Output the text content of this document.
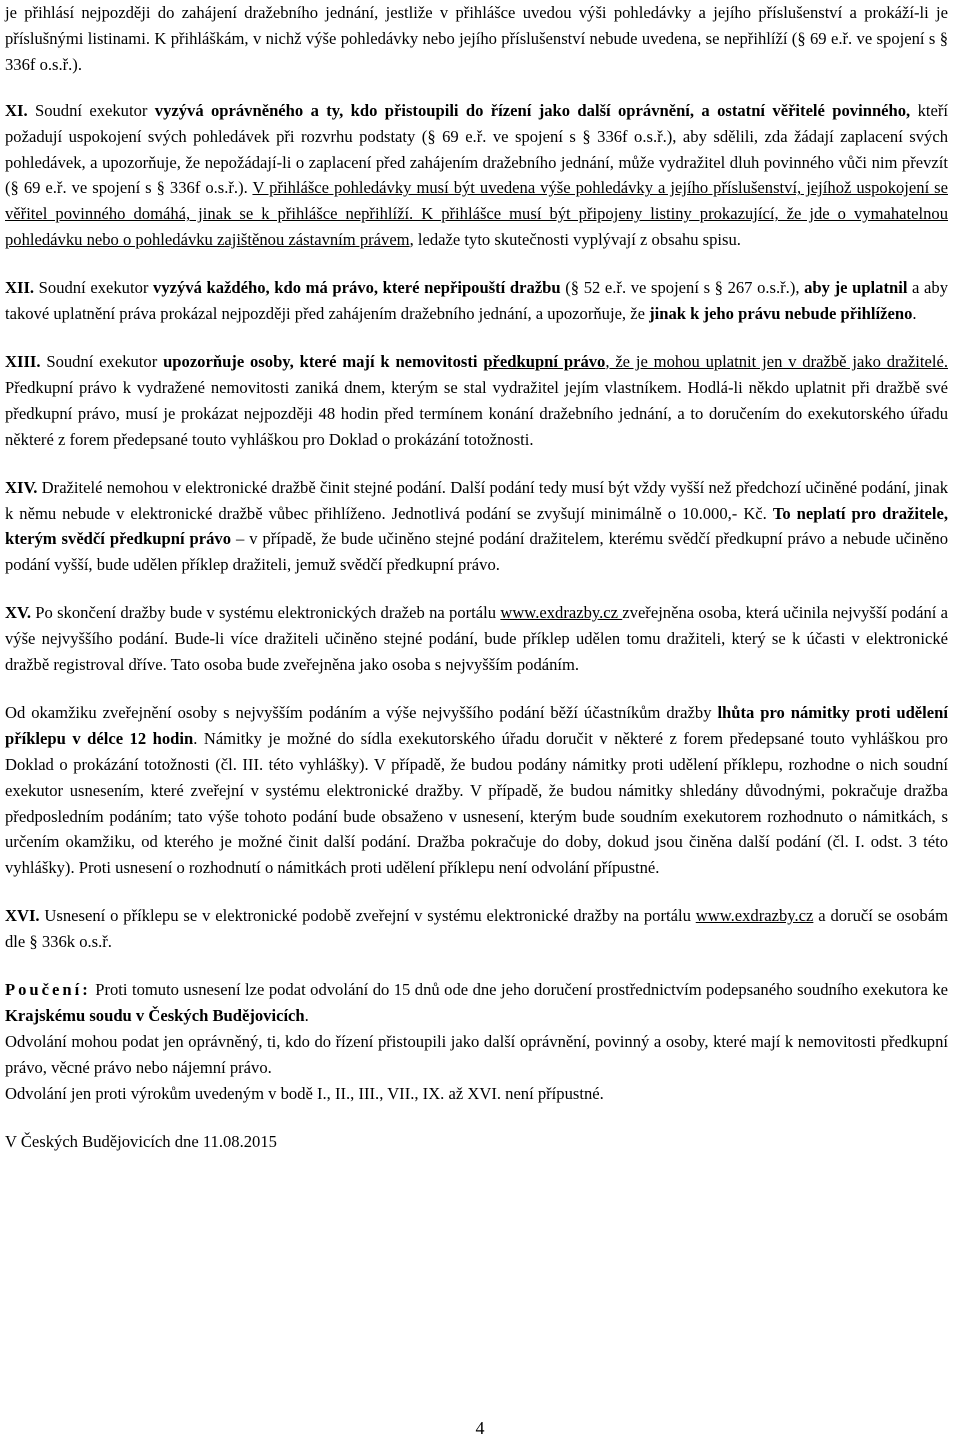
je přihlásí nejpozději do zahájení dražebního jednání, jestliže v přihlášce uvedou výši pohledávky a jejího příslušenství a prokáží-li je příslušnými listinami. K přihláškám, v nichž výše pohledávky nebo jejího příslušenství nebude uvedena, se nepřihlíží (§ 69 e.ř. ve spojení s § 336f o.s.ř.).

XI. Soudní exekutor vyzývá oprávněného a ty, kdo přistoupili do řízení jako další oprávnění, a ostatní věřitelé povinného, kteří požadují uspokojení svých pohledávek při rozvrhu podstaty (§ 69 e.ř. ve spojení s § 336f o.s.ř.), aby sdělili, zda žádají zaplacení svých pohledávek, a upozorňuje, že nepožádají-li o zaplacení před zahájením dražebního jednání, může vydražitel dluh povinného vůči nim převzít (§ 69 e.ř. ve spojení s § 336f o.s.ř.). V přihlášce pohledávky musí být uvedena výše pohledávky a jejího příslušenství, jejíhož uspokojení se věřitel povinného domáhá, jinak se k přihlášce nepřihlíží. K přihlášce musí být připojeny listiny prokazující, že jde o vymahatelnou pohledávku nebo o pohledávku zajištěnou zástavním právem, ledaže tyto skutečnosti vyplývají z obsahu spisu.

XII. Soudní exekutor vyzývá každého, kdo má právo, které nepřipouští dražbu (§ 52 e.ř. ve spojení s § 267 o.s.ř.), aby je uplatnil a aby takové uplatnění práva prokázal nejpozději před zahájením dražebního jednání, a upozorňuje, že jinak k jeho právu nebude přihlíženo.

XIII. Soudní exekutor upozorňuje osoby, které mají k nemovitosti předkupní právo, že je mohou uplatnit jen v dražbě jako dražitelé. Předkupní právo k vydražené nemovitosti zaniká dnem, kterým se stal vydražitel jejím vlastníkem. Hodlá-li někdo uplatnit při dražbě své předkupní právo, musí je prokázat nejpozději 48 hodin před termínem konání dražebního jednání, a to doručením do exekutorského úřadu některé z forem předepsané touto vyhláškou pro Doklad o prokázání totožnosti.

XIV. Dražitelé nemohou v elektronické dražbě činit stejné podání. Další podání tedy musí být vždy vyšší než předchozí učiněné podání, jinak k němu nebude v elektronické dražbě vůbec přihlíženo. Jednotlivá podání se zvyšují minimálně o 10.000,- Kč. To neplatí pro dražitele, kterým svědčí předkupní právo – v případě, že bude učiněno stejné podání dražitelem, kterému svědčí předkupní právo a nebude učiněno podání vyšší, bude udělen příklep dražiteli, jemuž svědčí předkupní právo.

XV. Po skončení dražby bude v systému elektronických dražeb na portálu www.exdrazby.cz zveřejněna osoba, která učinila nejvyšší podání a výše nejvyššího podání. Bude-li více dražiteli učiněno stejné podání, bude příklep udělen tomu dražiteli, který se k účasti v elektronické dražbě registroval dříve. Tato osoba bude zveřejněna jako osoba s nejvyšším podáním.

Od okamžiku zveřejnění osoby s nejvyšším podáním a výše nejvyššího podání běží účastníkům dražby lhůta pro námitky proti udělení příklepu v délce 12 hodin. Námitky je možné do sídla exekutorského úřadu doručit v některé z forem předepsané touto vyhláškou pro Doklad o prokázání totožnosti (čl. III. této vyhlášky). V případě, že budou podány námitky proti udělení příklepu, rozhodne o nich soudní exekutor usnesením, které zveřejní v systému elektronické dražby. V případě, že budou námitky shledány důvodnými, pokračuje dražba předposledním podáním; tato výše tohoto podání bude obsaženo v usnesení, kterým bude soudním exekutorem rozhodnuto o námitkách, s určením okamžiku, od kterého je možné činit další podání. Dražba pokračuje do doby, dokud jsou činěna další podání (čl. I. odst. 3 této vyhlášky). Proti usnesení o rozhodnutí o námitkách proti udělení příklepu není odvolání přípustné.

XVI. Usnesení o příklepu se v elektronické podobě zveřejní v systému elektronické dražby na portálu www.exdrazby.cz a doručí se osobám dle § 336k o.s.ř.

Poučení: Proti tomuto usnesení lze podat odvolání do 15 dnů ode dne jeho doručení prostřednictvím podepsaného soudního exekutora ke Krajskému soudu v Českých Budějovicích.

Odvolání mohou podat jen oprávněný, ti, kdo do řízení přistoupili jako další oprávnění, povinný a osoby, které mají k nemovitosti předkupní právo, věcné právo nebo nájemní právo.

Odvolání jen proti výrokům uvedeným v bodě I., II., III., VII., IX. až XVI. není přípustné.

V Českých Budějovicích dne 11.08.2015

4
